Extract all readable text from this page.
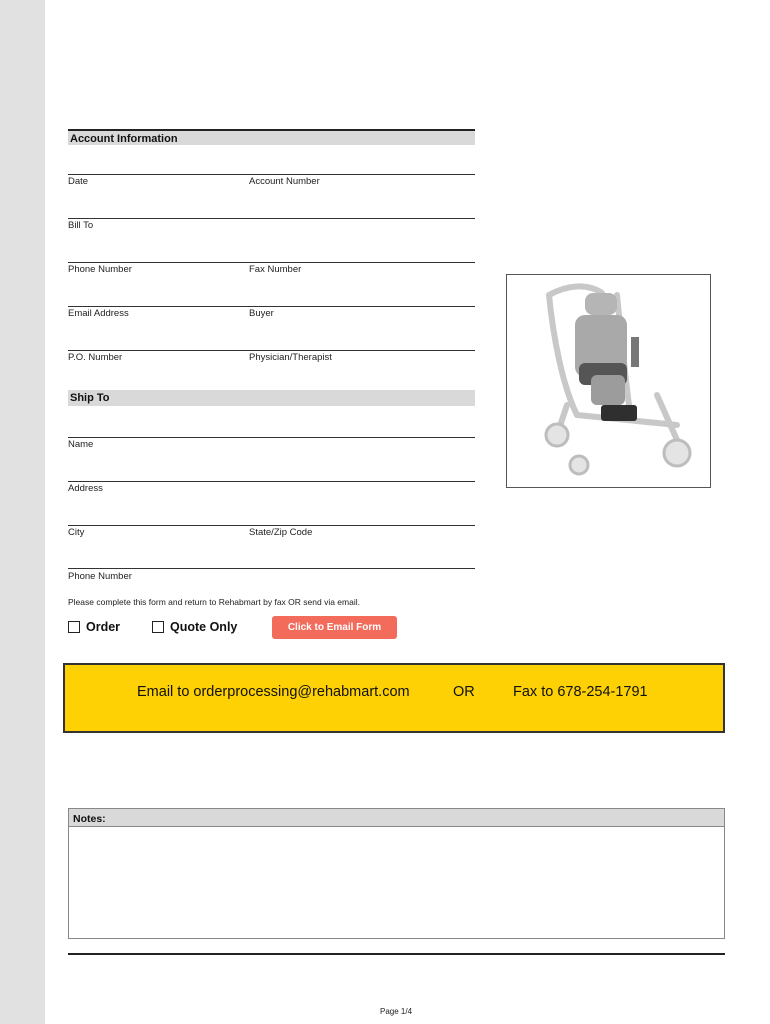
Account Information
Date	Account Number
Bill To
Phone Number	Fax Number
Email Address	Buyer
P.O. Number	Physician/Therapist
Ship To
Name
Address
City	State/Zip Code
Phone Number
Please complete this form and return to Rehabmart by fax OR send via email.
Order	Quote Only	Click to Email Form
Email to orderprocessing@rehabmart.com	OR	Fax to 678-254-1791
Notes:
Page 1/4
